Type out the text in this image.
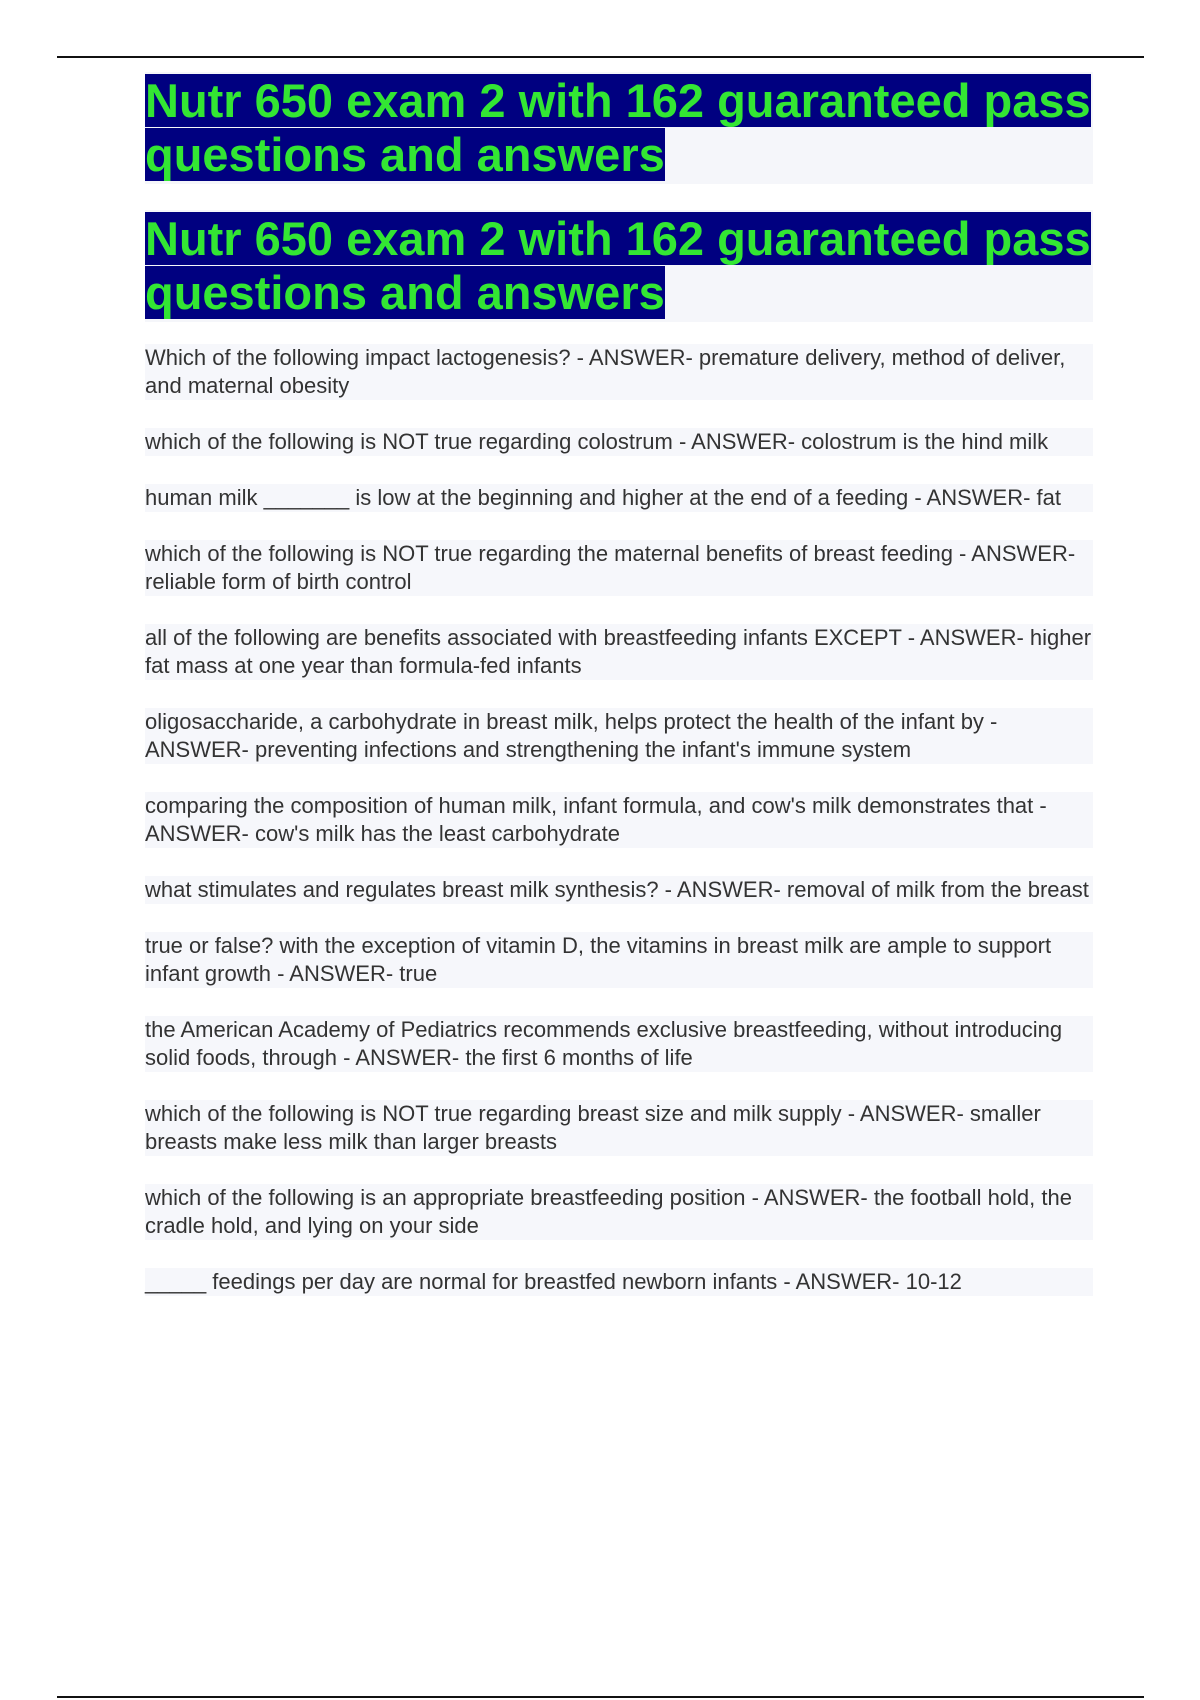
Nutr 650 exam 2 with 162 guaranteed pass questions and answers
Nutr 650 exam 2 with 162 guaranteed pass questions and answers
Which of the following impact lactogenesis? - ANSWER- premature delivery, method of deliver, and maternal obesity
which of the following is NOT true regarding colostrum - ANSWER- colostrum is the hind milk
human milk _______ is low at the beginning and higher at the end of a feeding - ANSWER- fat
which of the following is NOT true regarding the maternal benefits of breast feeding - ANSWER- reliable form of birth control
all of the following are benefits associated with breastfeeding infants EXCEPT - ANSWER- higher fat mass at one year than formula-fed infants
oligosaccharide, a carbohydrate in breast milk, helps protect the health of the infant by - ANSWER- preventing infections and strengthening the infant's immune system
comparing the composition of human milk, infant formula, and cow's milk demonstrates that - ANSWER- cow's milk has the least carbohydrate
what stimulates and regulates breast milk synthesis? - ANSWER- removal of milk from the breast
true or false? with the exception of vitamin D, the vitamins in breast milk are ample to support infant growth - ANSWER- true
the American Academy of Pediatrics recommends exclusive breastfeeding, without introducing solid foods, through - ANSWER- the first 6 months of life
which of the following is NOT true regarding breast size and milk supply - ANSWER- smaller breasts make less milk than larger breasts
which of the following is an appropriate breastfeeding position - ANSWER- the football hold, the cradle hold, and lying on your side
_____ feedings per day are normal for breastfed newborn infants - ANSWER- 10-12
